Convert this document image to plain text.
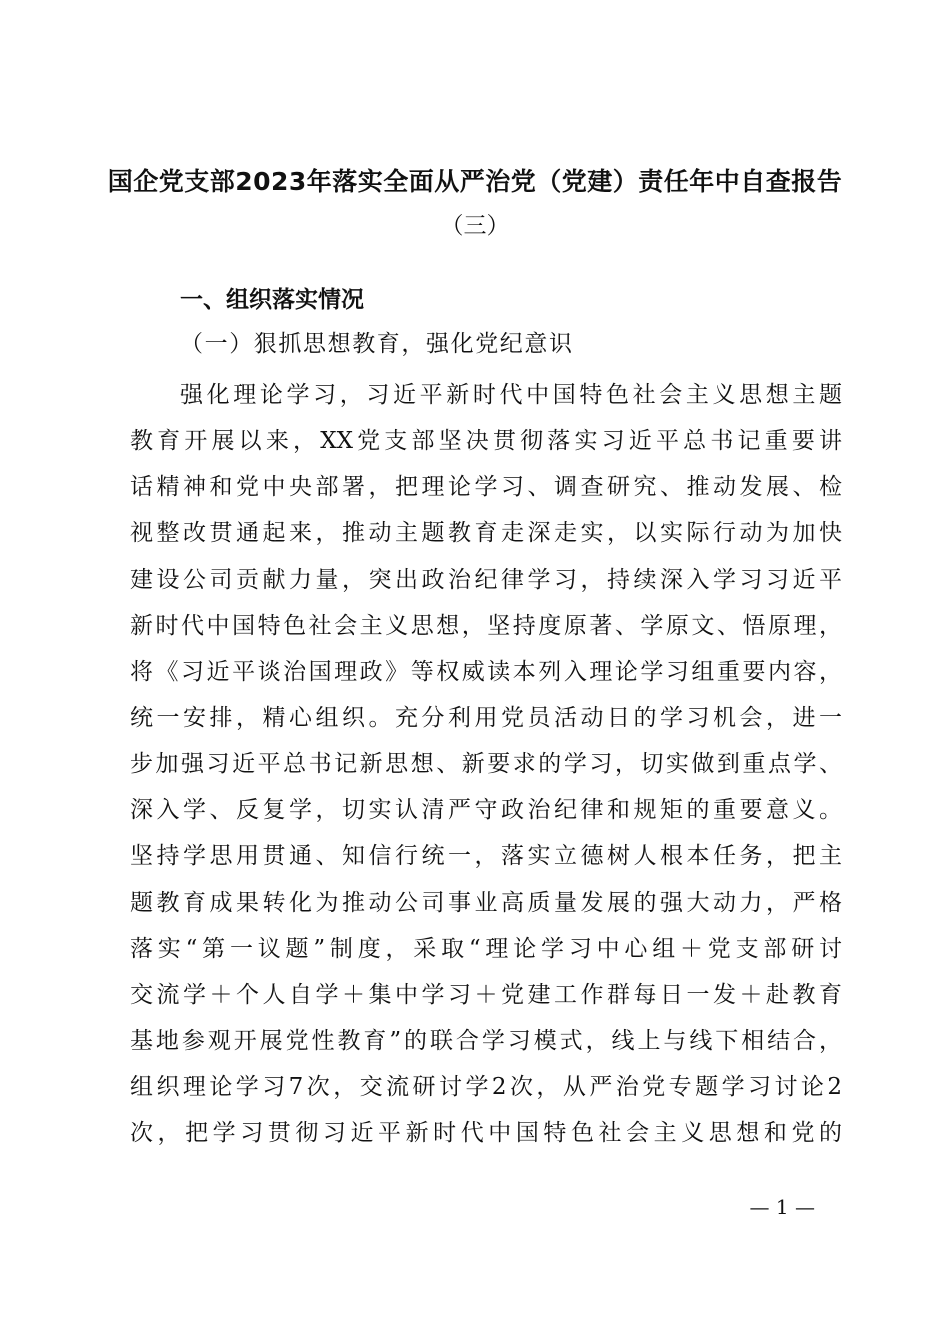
国企党支部2023年落实全面从严治党（党建）责任年中自查报告
（三）
一、组织落实情况
（一）狠抓思想教育，强化党纪意识
强化理论学习，习近平新时代中国特色社会主义思想主题
教育开展以来，XX党支部坚决贯彻落实习近平总书记重要讲
话精神和党中央部署，把理论学习、调查研究、推动发展、检
视整改贯通起来，推动主题教育走深走实，以实际行动为加快
建设公司贡献力量，突出政治纪律学习，持续深入学习习近平
新时代中国特色社会主义思想，坚持度原著、学原文、悟原理，
将《习近平谈治国理政》等权威读本列入理论学习组重要内容，
统一安排，精心组织。充分利用党员活动日的学习机会，进一
步加强习近平总书记新思想、新要求的学习，切实做到重点学、
深入学、反复学，切实认清严守政治纪律和规矩的重要意义。
坚持学思用贯通、知信行统一，落实立德树人根本任务，把主
题教育成果转化为推动公司事业高质量发展的强大动力，严格
落实“第一议题”制度，采取“理论学习中心组＋党支部研讨
交流学＋个人自学＋集中学习＋党建工作群每日一发＋赴教育
基地参观开展党性教育”的联合学习模式，线上与线下相结合，
组织理论学习7次，交流研讨学2次，从严治党专题学习讨论2
次，把学习贯彻习近平新时代中国特色社会主义思想和党的
— 1 —
